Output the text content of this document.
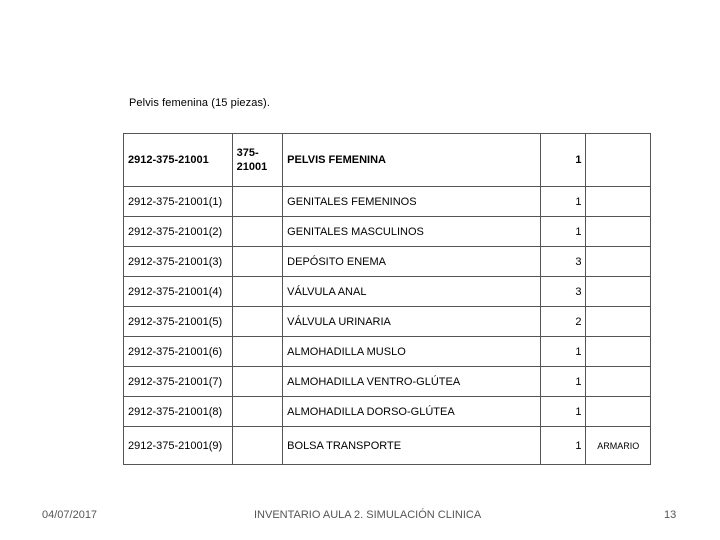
Pelvis femenina (15 piezas).
2912-375-21001	375-21001	PELVIS FEMENINA	1	
2912-375-21001(1)		GENITALES FEMENINOS	1	
2912-375-21001(2)		GENITALES MASCULINOS	1	
2912-375-21001(3)		DEPÓSITO ENEMA	3	
2912-375-21001(4)		VÁLVULA ANAL	3	
2912-375-21001(5)		VÁLVULA URINARIA	2	
2912-375-21001(6)		ALMOHADILLA MUSLO	1	
2912-375-21001(7)		ALMOHADILLA VENTRO-GLÚTEA	1	
2912-375-21001(8)		ALMOHADILLA DORSO-GLÚTEA	1	
2912-375-21001(9)		BOLSA TRANSPORTE	1	ARMARIO
04/07/2017	INVENTARIO AULA 2. SIMULACIÓN CLINICA	13
